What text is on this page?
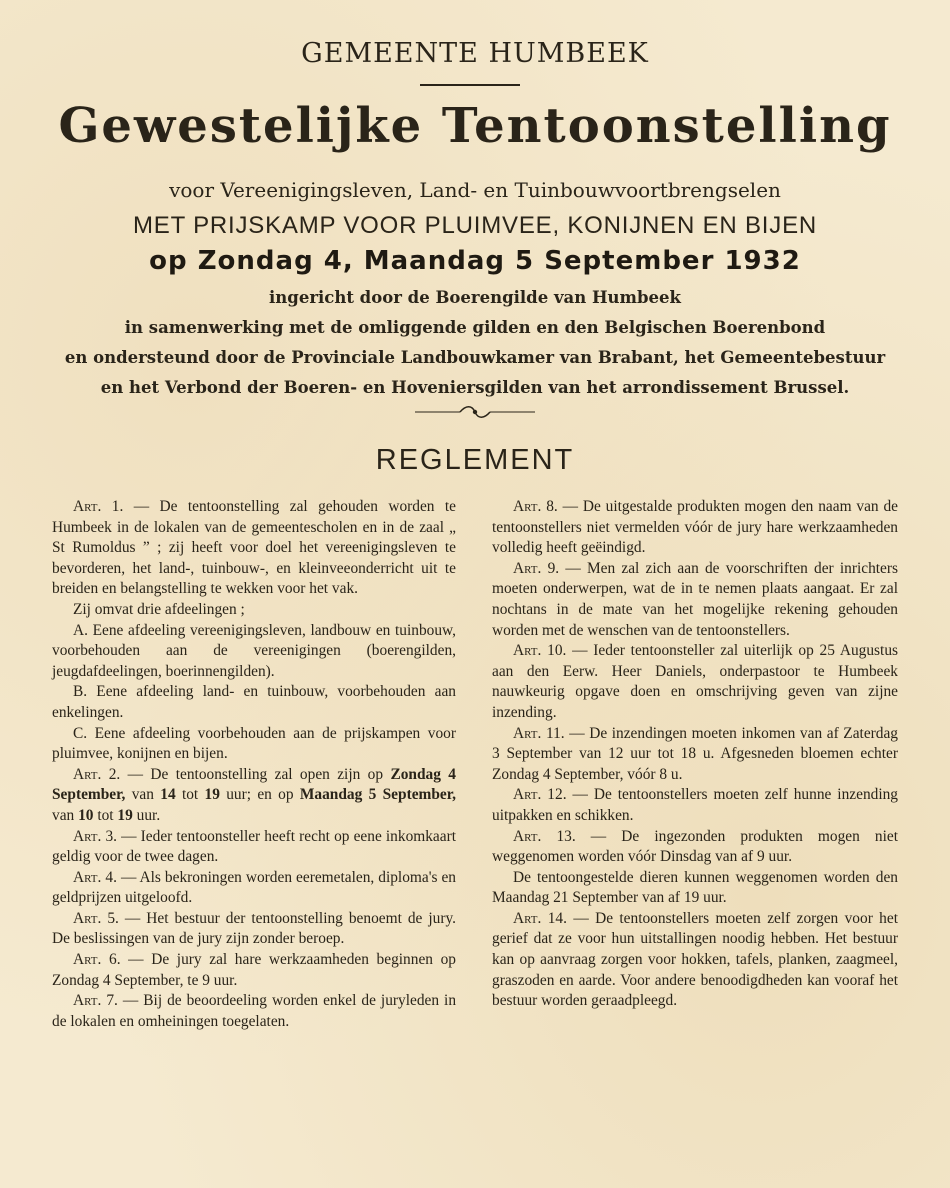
GEMEENTE HUMBEEK
Gewestelijke Tentoonstelling
voor Vereenigingsleven, Land- en Tuinbouwvoortbrengselen
MET PRIJSKAMP VOOR PLUIMVEE, KONIJNEN EN BIJEN
op Zondag 4, Maandag 5 September 1932
ingericht door de Boerengilde van Humbeek
in samenwerking met de omliggende gilden en den Belgischen Boerenbond
en ondersteund door de Provinciale Landbouwkamer van Brabant, het Gemeentebestuur
en het Verbond der Boeren- en Hoveniersgilden van het arrondissement Brussel.
REGLEMENT

Art. 1. — De tentoonstelling zal gehouden worden te Humbeek in de lokalen van de gemeentescholen en in de zaal „ St Rumoldus ” ; zij heeft voor doel het vereenigingsleven te bevorderen, het land-, tuinbouw-, en kleinveeonderricht uit te breiden en belangstelling te wekken voor het vak.

Zij omvat drie afdeelingen ;

A. Eene afdeeling vereenigingsleven, landbouw en tuinbouw, voorbehouden aan de vereenigingen (boerengilden, jeugdafdeelingen, boerinnengilden).

B. Eene afdeeling land- en tuinbouw, voorbehouden aan enkelingen.

C. Eene afdeeling voorbehouden aan de prijskampen voor pluimvee, konijnen en bijen.

Art. 2. — De tentoonstelling zal open zijn op Zondag 4 September, van 14 tot 19 uur; en op Maandag 5 September, van 10 tot 19 uur.

Art. 3. — Ieder tentoonsteller heeft recht op eene inkomkaart geldig voor de twee dagen.

Art. 4. — Als bekroningen worden eeremetalen, diploma's en geldprijzen uitgeloofd.

Art. 5. — Het bestuur der tentoonstelling benoemt de jury. De beslissingen van de jury zijn zonder beroep.

Art. 6. — De jury zal hare werkzaamheden beginnen op Zondag 4 September, te 9 uur.

Art. 7. — Bij de beoordeeling worden enkel de juryleden in de lokalen en omheiningen toegelaten.

Art. 8. — De uitgestalde produkten mogen den naam van de tentoonstellers niet vermelden vóór de jury hare werkzaamheden volledig heeft geëindigd.

Art. 9. — Men zal zich aan de voorschriften der inrichters moeten onderwerpen, wat de in te nemen plaats aangaat. Er zal nochtans in de mate van het mogelijke rekening gehouden worden met de wenschen van de tentoonstellers.

Art. 10. — Ieder tentoonsteller zal uiterlijk op 25 Augustus aan den Eerw. Heer Daniels, onderpastoor te Humbeek nauwkeurig opgave doen en omschrijving geven van zijne inzending.

Art. 11. — De inzendingen moeten inkomen van af Zaterdag 3 September van 12 uur tot 18 u. Afgesneden bloemen echter Zondag 4 September, vóór 8 u.

Art. 12. — De tentoonstellers moeten zelf hunne inzending uitpakken en schikken.

Art. 13. — De ingezonden produkten mogen niet weggenomen worden vóór Dinsdag van af 9 uur.

De tentoongestelde dieren kunnen weggenomen worden den Maandag 21 September van af 19 uur.

Art. 14. — De tentoonstellers moeten zelf zorgen voor het gerief dat ze voor hun uitstallingen noodig hebben. Het bestuur kan op aanvraag zorgen voor hokken, tafels, planken, zaagmeel, graszoden en aarde. Voor andere benoodigdheden kan vooraf het bestuur worden geraadpleegd.
